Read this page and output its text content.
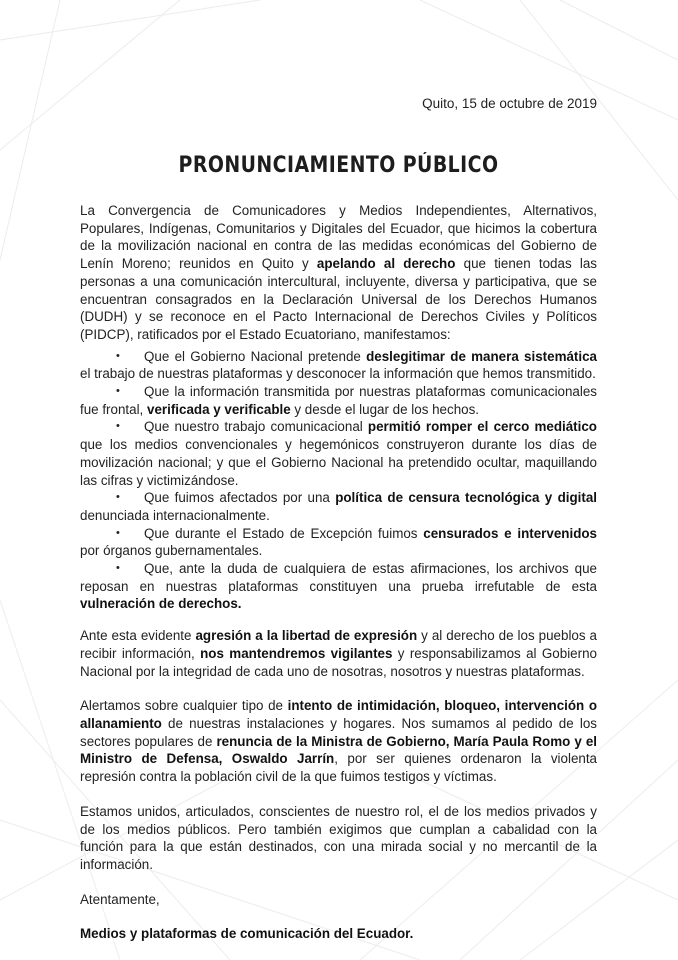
Quito, 15 de octubre de 2019
PRONUNCIAMIENTO PÚBLICO

La Convergencia de Comunicadores y Medios Independientes, Alternativos, Populares, Indígenas, Comunitarios y Digitales del Ecuador, que hicimos la cobertura de la movilización nacional en contra de las medidas económicas del Gobierno de Lenín Moreno; reunidos en Quito y apelando al derecho que tienen todas las personas a una comunicación intercultural, incluyente, diversa y participativa, que se encuentran consagrados en la Declaración Universal de los Derechos Humanos (DUDH) y se reconoce en el Pacto Internacional de Derechos Civiles y Políticos (PIDCP), ratificados por el Estado Ecuatoriano, manifestamos:

• Que el Gobierno Nacional pretende deslegitimar de manera sistemática el trabajo de nuestras plataformas y desconocer la información que hemos transmitido.
• Que la información transmitida por nuestras plataformas comunicacionales fue frontal, verificada y verificable y desde el lugar de los hechos.
• Que nuestro trabajo comunicacional permitió romper el cerco mediático que los medios convencionales y hegemónicos construyeron durante los días de movilización nacional; y que el Gobierno Nacional ha pretendido ocultar, maquillando las cifras y victimizándose.
• Que fuimos afectados por una política de censura tecnológica y digital denunciada internacionalmente.
• Que durante el Estado de Excepción fuimos censurados e intervenidos por órganos gubernamentales.
• Que, ante la duda de cualquiera de estas afirmaciones, los archivos que reposan en nuestras plataformas constituyen una prueba irrefutable de esta vulneración de derechos.

Ante esta evidente agresión a la libertad de expresión y al derecho de los pueblos a recibir información, nos mantendremos vigilantes y responsabilizamos al Gobierno Nacional por la integridad de cada uno de nosotras, nosotros y nuestras plataformas.

Alertamos sobre cualquier tipo de intento de intimidación, bloqueo, intervención o allanamiento de nuestras instalaciones y hogares. Nos sumamos al pedido de los sectores populares de renuncia de la Ministra de Gobierno, María Paula Romo y el Ministro de Defensa, Oswaldo Jarrín, por ser quienes ordenaron la violenta represión contra la población civil de la que fuimos testigos y víctimas.

Estamos unidos, articulados, conscientes de nuestro rol, el de los medios privados y de los medios públicos. Pero también exigimos que cumplan a cabalidad con la función para la que están destinados, con una mirada social y no mercantil de la información.

Atentamente,

Medios y plataformas de comunicación del Ecuador.
